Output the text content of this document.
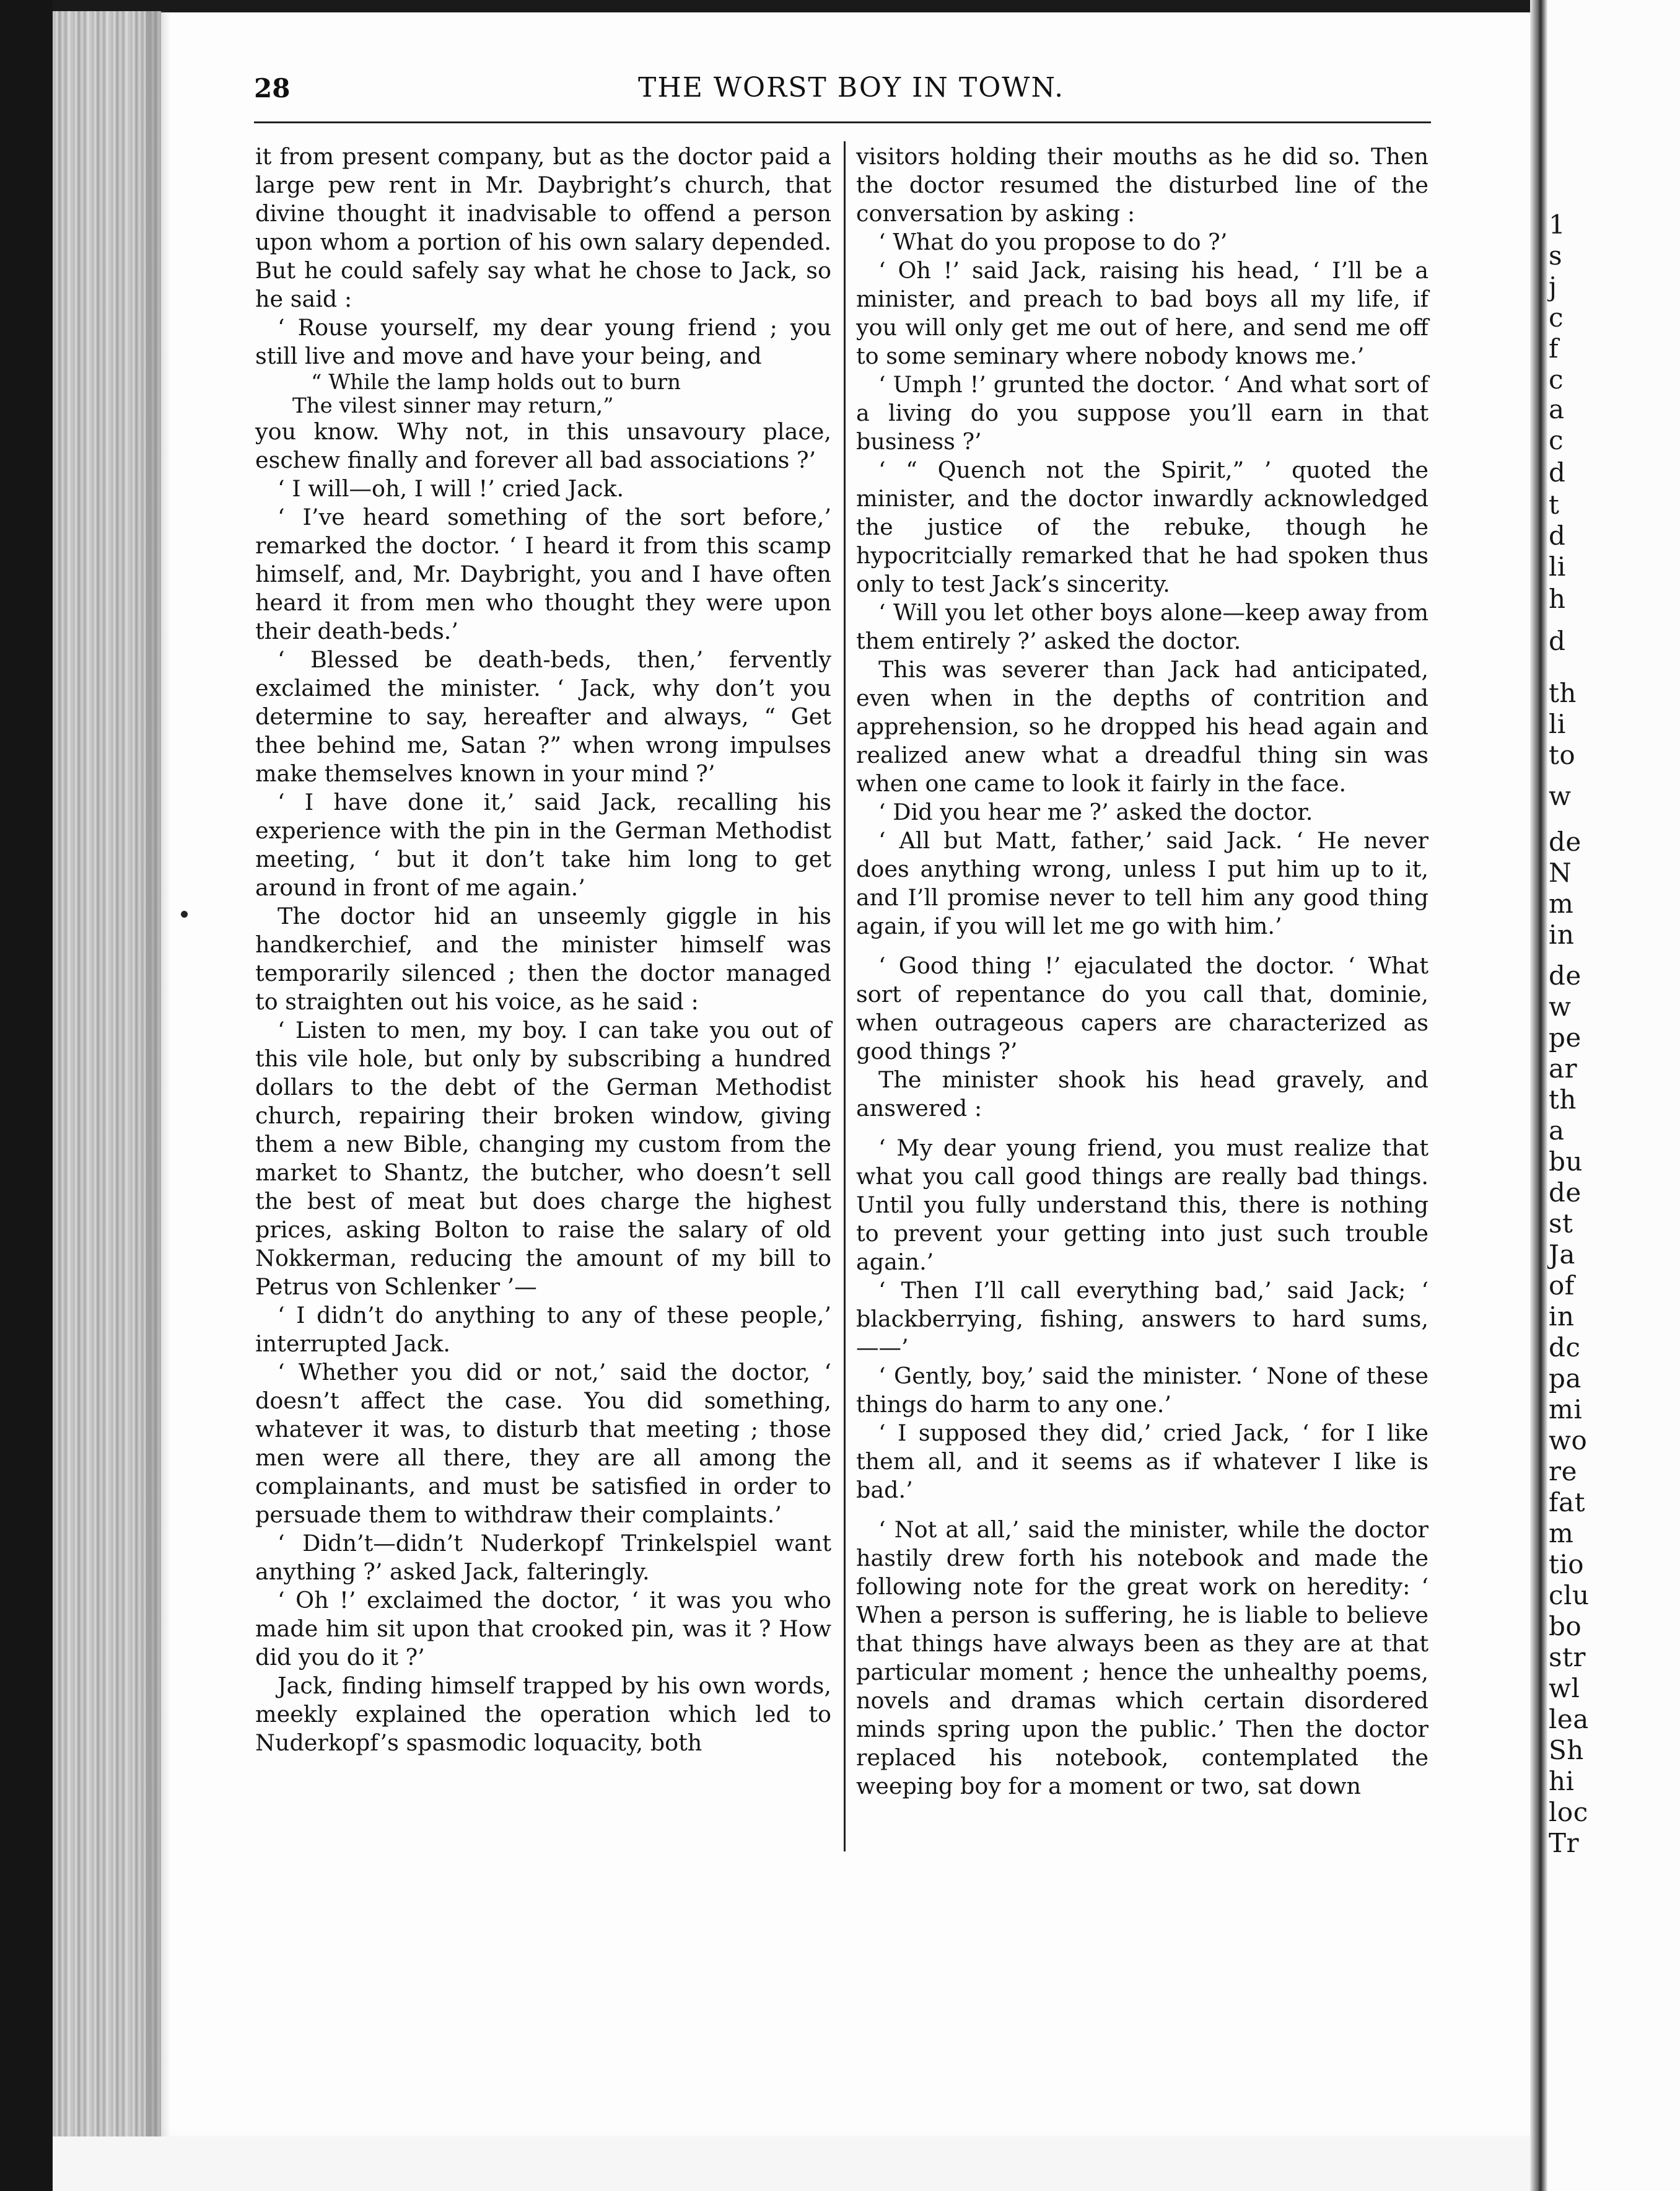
28	THE WORST BOY IN TOWN.

it from present company, but as the doctor paid a large pew rent in Mr. Daybright’s church, that divine thought it inadvisable to offend a person upon whom a portion of his own salary depended. But he could safely say what he chose to Jack, so he said :

‘ Rouse yourself, my dear young friend ; you still live and move and have your being, and

“ While the lamp holds out to burn

The vilest sinner may return,”

you know. Why not, in this unsavoury place, eschew finally and forever all bad associations ?’

‘ I will—oh, I will !’ cried Jack.

‘ I’ve heard something of the sort before,’ remarked the doctor. ‘ I heard it from this scamp himself, and, Mr. Daybright, you and I have often heard it from men who thought they were upon their death-beds.’

‘ Blessed be death-beds, then,’ fervently exclaimed the minister. ‘ Jack, why don’t you determine to say, hereafter and always, “ Get thee behind me, Satan ?” when wrong impulses make themselves known in your mind ?’

‘ I have done it,’ said Jack, recalling his experience with the pin in the German Methodist meeting, ‘ but it don’t take him long to get around in front of me again.’

The doctor hid an unseemly giggle in his handkerchief, and the minister himself was temporarily silenced ; then the doctor managed to straighten out his voice, as he said :

‘ Listen to men, my boy. I can take you out of this vile hole, but only by subscribing a hundred dollars to the debt of the German Methodist church, repairing their broken window, giving them a new Bible, changing my custom from the market to Shantz, the butcher, who doesn’t sell the best of meat but does charge the highest prices, asking Bolton to raise the salary of old Nokkerman, reducing the amount of my bill to Petrus von Schlenker ’—

‘ I didn’t do anything to any of these people,’ interrupted Jack.

‘ Whether you did or not,’ said the doctor, ‘ doesn’t affect the case. You did something, whatever it was, to disturb that meeting ; those men were all there, they are all among the complainants, and must be satisfied in order to persuade them to withdraw their complaints.’

‘ Didn’t—didn’t Nuderkopf Trinkelspiel want anything ?’ asked Jack, falteringly.

‘ Oh !’ exclaimed the doctor, ‘ it was you who made him sit upon that crooked pin, was it ? How did you do it ?’

Jack, finding himself trapped by his own words, meekly explained the operation which led to Nuderkopf’s spasmodic loquacity, both

visitors holding their mouths as he did so. Then the doctor resumed the disturbed line of the conversation by asking :

‘ What do you propose to do ?’

‘ Oh !’ said Jack, raising his head, ‘ I’ll be a minister, and preach to bad boys all my life, if you will only get me out of here, and send me off to some seminary where nobody knows me.’

‘ Umph !’ grunted the doctor. ‘ And what sort of a living do you suppose you’ll earn in that business ?’

‘ “ Quench not the Spirit,” ’ quoted the minister, and the doctor inwardly acknowledged the justice of the rebuke, though he hypocritcially remarked that he had spoken thus only to test Jack’s sincerity.

‘ Will you let other boys alone—keep away from them entirely ?’ asked the doctor.

This was severer than Jack had anticipated, even when in the depths of contrition and apprehension, so he dropped his head again and realized anew what a dreadful thing sin was when one came to look it fairly in the face.

‘ Did you hear me ?’ asked the doctor.

‘ All but Matt, father,’ said Jack. ‘ He never does anything wrong, unless I put him up to it, and I’ll promise never to tell him any good thing again, if you will let me go with him.’

‘ Good thing !’ ejaculated the doctor. ‘ What sort of repentance do you call that, dominie, when outrageous capers are characterized as good things ?’

The minister shook his head gravely, and answered :

‘ My dear young friend, you must realize that what you call good things are really bad things. Until you fully understand this, there is nothing to prevent your getting into just such trouble again.’

‘ Then I’ll call everything bad,’ said Jack; ‘ blackberrying, fishing, answers to hard sums,——’

‘ Gently, boy,’ said the minister. ‘ None of these things do harm to any one.’

‘ I supposed they did,’ cried Jack, ‘ for I like them all, and it seems as if whatever I like is bad.’

‘ Not at all,’ said the minister, while the doctor hastily drew forth his notebook and made the following note for the great work on heredity: ‘ When a person is suffering, he is liable to believe that things have always been as they are at that particular moment ; hence the unhealthy poems, novels and dramas which certain disordered minds spring upon the public.’ Then the doctor replaced his notebook, contemplated the weeping boy for a moment or two, sat down

1
s
j
c
f
c
a
c
d
t
d
li
h
d
th
li
to
w
de
N
m
in
de
w
pe
ar
th
a
bu
de
st
Ja
of
in
dc
pa
mi
wo
re
fat
m
tio
clu
bo
str
wl
lea
Sh
hi
loc
Tr
